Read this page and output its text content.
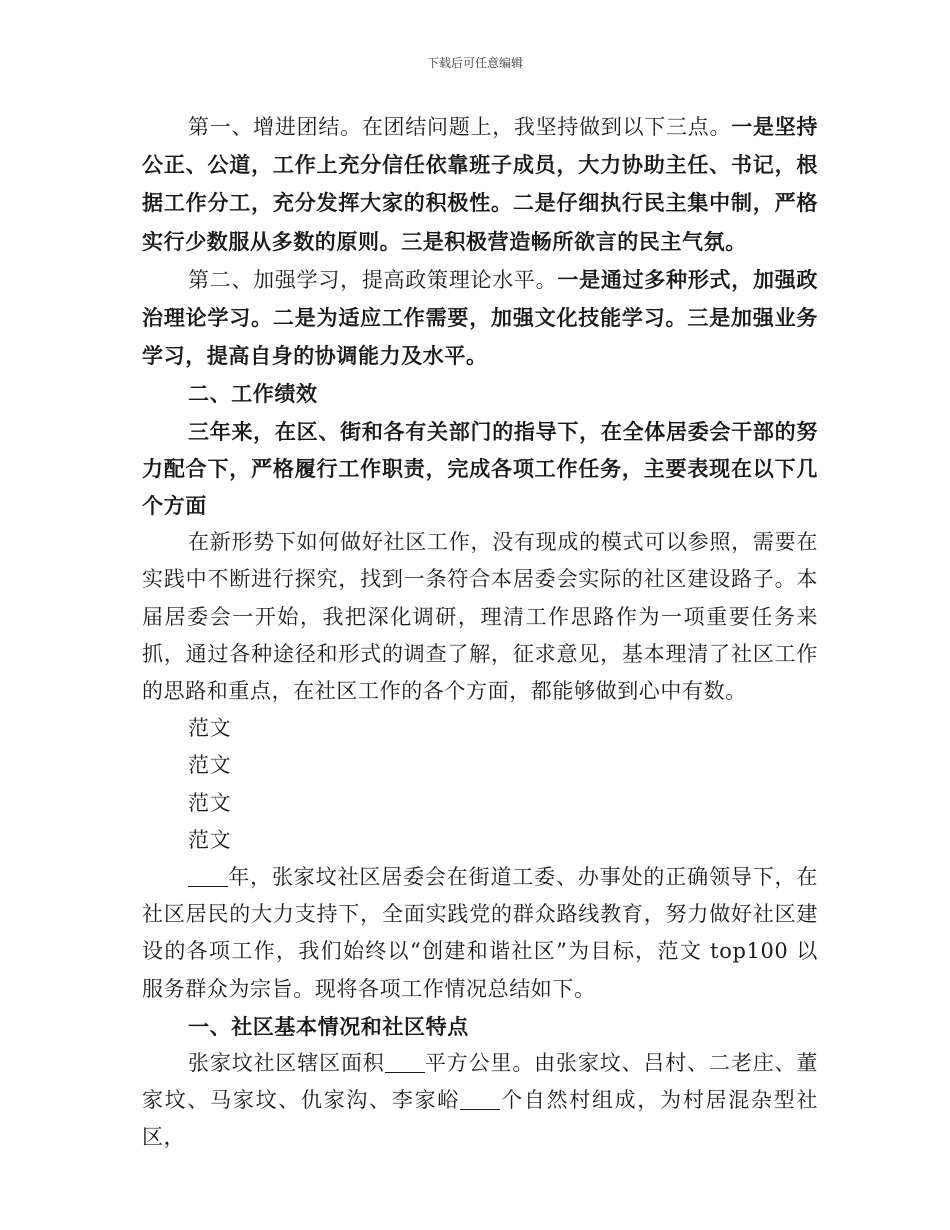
下载后可任意编辑

第一、增进团结。在团结问题上，我坚持做到以下三点。一是坚持公正、公道，工作上充分信任依靠班子成员，大力协助主任、书记，根据工作分工，充分发挥大家的积极性。二是仔细执行民主集中制，严格实行少数服从多数的原则。三是积极营造畅所欲言的民主气氛。

第二、加强学习，提高政策理论水平。一是通过多种形式，加强政治理论学习。二是为适应工作需要，加强文化技能学习。三是加强业务学习，提高自身的协调能力及水平。

二、工作绩效

三年来，在区、街和各有关部门的指导下，在全体居委会干部的努力配合下，严格履行工作职责，完成各项工作任务，主要表现在以下几个方面

在新形势下如何做好社区工作，没有现成的模式可以参照，需要在实践中不断进行探究，找到一条符合本居委会实际的社区建设路子。本届居委会一开始，我把深化调研，理清工作思路作为一项重要任务来抓，通过各种途径和形式的调查了解，征求意见，基本理清了社区工作的思路和重点，在社区工作的各个方面，都能够做到心中有数。

范文

范文

范文

范文

年，张家坟社区居委会在街道工委、办事处的正确领导下，在社区居民的大力支持下，全面实践党的群众路线教育，努力做好社区建设的各项工作，我们始终以“创建和谐社区”为目标，范文 top100 以服务群众为宗旨。现将各项工作情况总结如下。

一、社区基本情况和社区特点

张家坟社区辖区面积 平方公里。由张家坟、吕村、二老庄、董家坟、马家坟、仇家沟、李家峪 个自然村组成，为村居混杂型社区，
